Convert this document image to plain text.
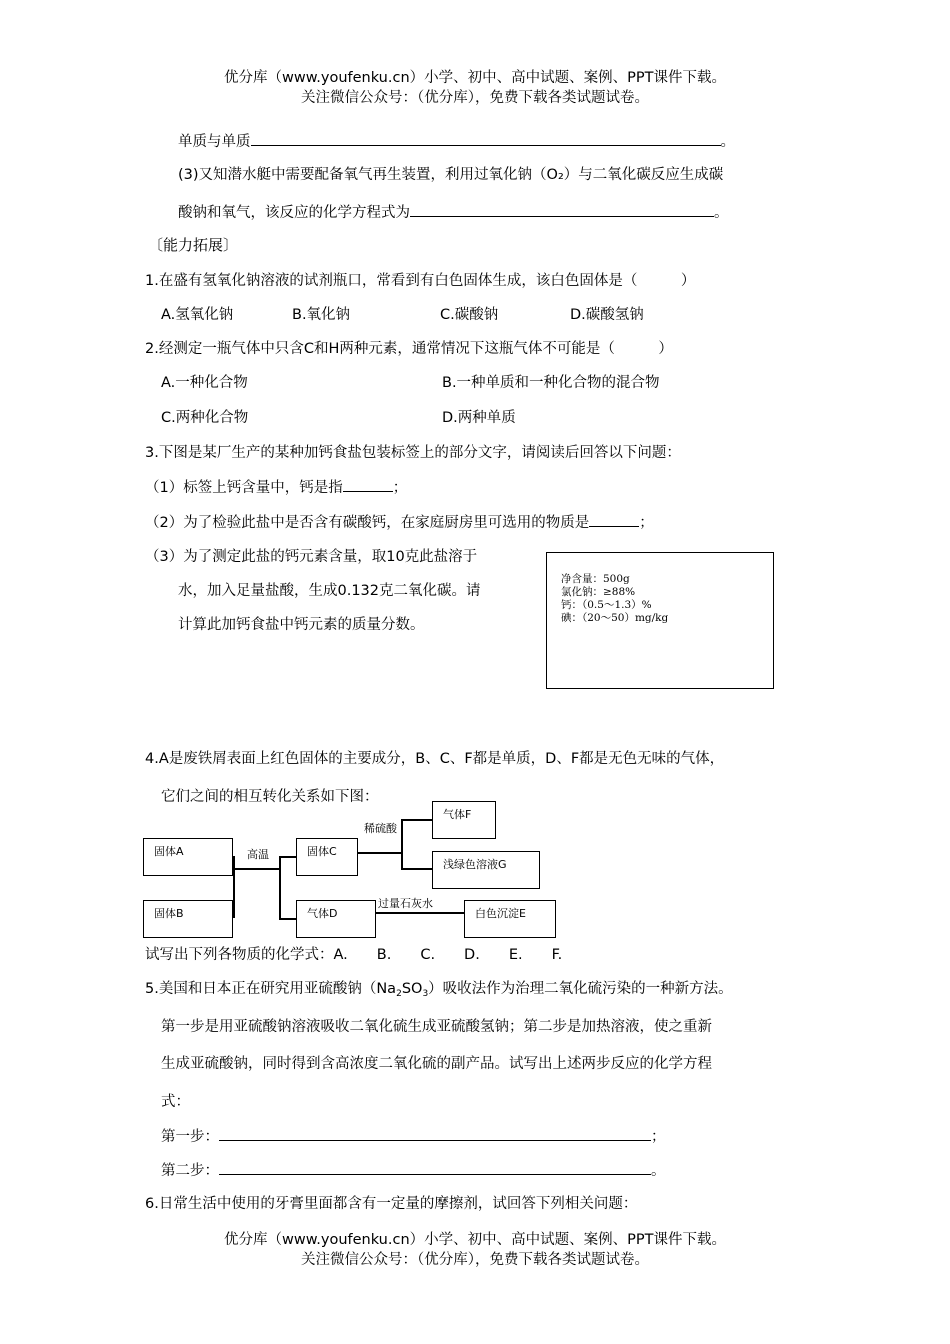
优分库（www.youfenku.cn）小学、初中、高中试题、案例、PPT课件下载。
关注微信公众号：（优分库），免费下载各类试题试卷。
单质与单质	。
(3)又知潜水艇中需要配备氧气再生装置，利用过氧化钠（O₂）与二氧化碳反应生成碳
酸钠和氧气，该反应的化学方程式为	。
〔能力拓展〕
1.在盛有氢氧化钠溶液的试剂瓶口，常看到有白色固体生成，该白色固体是（　　　）
A.氢氧化钠	B.氧化钠	C.碳酸钠	D.碳酸氢钠
2.经测定一瓶气体中只含C和H两种元素，通常情况下这瓶气体不可能是（　　　）
A.一种化合物	B.一种单质和一种化合物的混合物
C.两种化合物	D.两种单质
3.下图是某厂生产的某种加钙食盐包装标签上的部分文字，请阅读后回答以下问题：
（1）标签上钙含量中，钙是指	；
（2）为了检验此盐中是否含有碳酸钙，在家庭厨房里可选用的物质是	；
（3）为了测定此盐的钙元素含量，取10克此盐溶于
水，加入足量盐酸，生成0.132克二氧化碳。请
计算此加钙食盐中钙元素的质量分数。
净含量：500g
氯化钠：≥88%
钙：（0.5～1.3）%
碘：（20～50）mg/kg
4.A是废铁屑表面上红色固体的主要成分，B、C、F都是单质，D、F都是无色无味的气体，
它们之间的相互转化关系如下图：
固体A
固体B
固体C
气体D
气体F
浅绿色溶液G
白色沉淀E
高温
稀硫酸
过量石灰水
试写出下列各物质的化学式：A.　　B.　　C.　　D.　　E.　　F.
5.美国和日本正在研究用亚硫酸钠$(Na_2SO_3)$吸收法作为治理二氧化硫污染的一种新方法。
第一步是用亚硫酸钠溶液吸收二氧化硫生成亚硫酸氢钠；第二步是加热溶液，使之重新
生成亚硫酸钠，同时得到含高浓度二氧化硫的副产品。试写出上述两步反应的化学方程
式：
第一步：	；
第二步：	。
6.日常生活中使用的牙膏里面都含有一定量的摩擦剂，试回答下列相关问题：
优分库（www.youfenku.cn）小学、初中、高中试题、案例、PPT课件下载。
关注微信公众号：（优分库），免费下载各类试题试卷。
